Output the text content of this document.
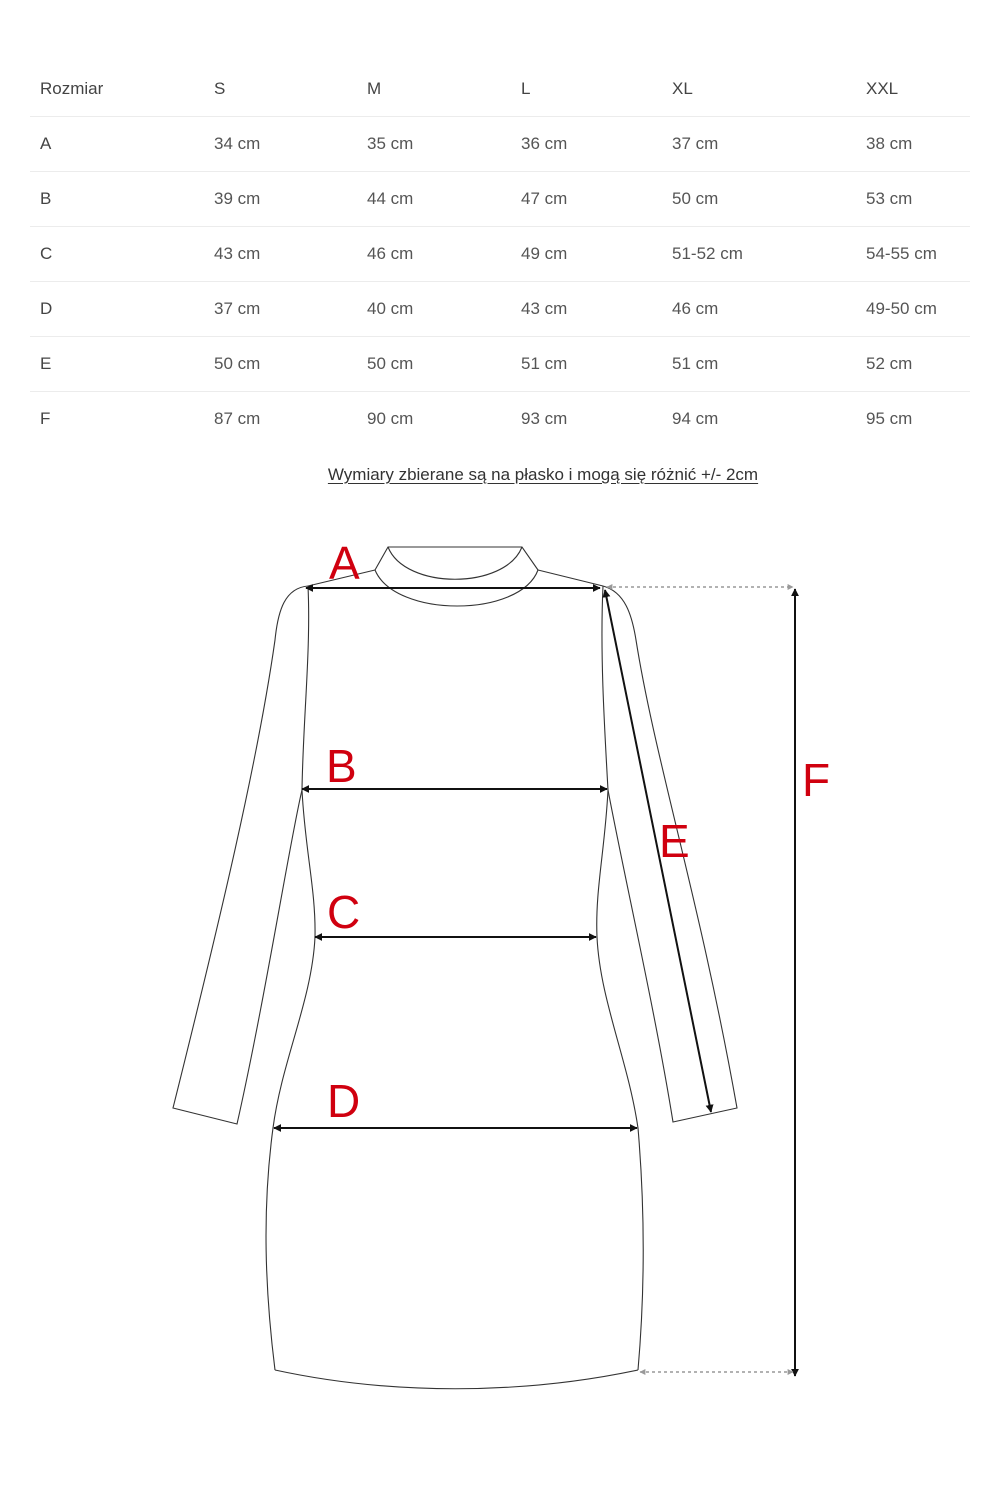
Rozmiar	S	M	L	XL	XXL
A	34 cm	35 cm	36 cm	37 cm	38 cm
B	39 cm	44 cm	47 cm	50 cm	53 cm
C	43 cm	46 cm	49 cm	51-52 cm	54-55 cm
D	37 cm	40 cm	43 cm	46 cm	49-50 cm
E	50 cm	50 cm	51 cm	51 cm	52 cm
F	87 cm	90 cm	93 cm	94 cm	95 cm
Wymiary zbierane są na płasko i mogą się różnić +/- 2cm
A
B
C
D
E
F
